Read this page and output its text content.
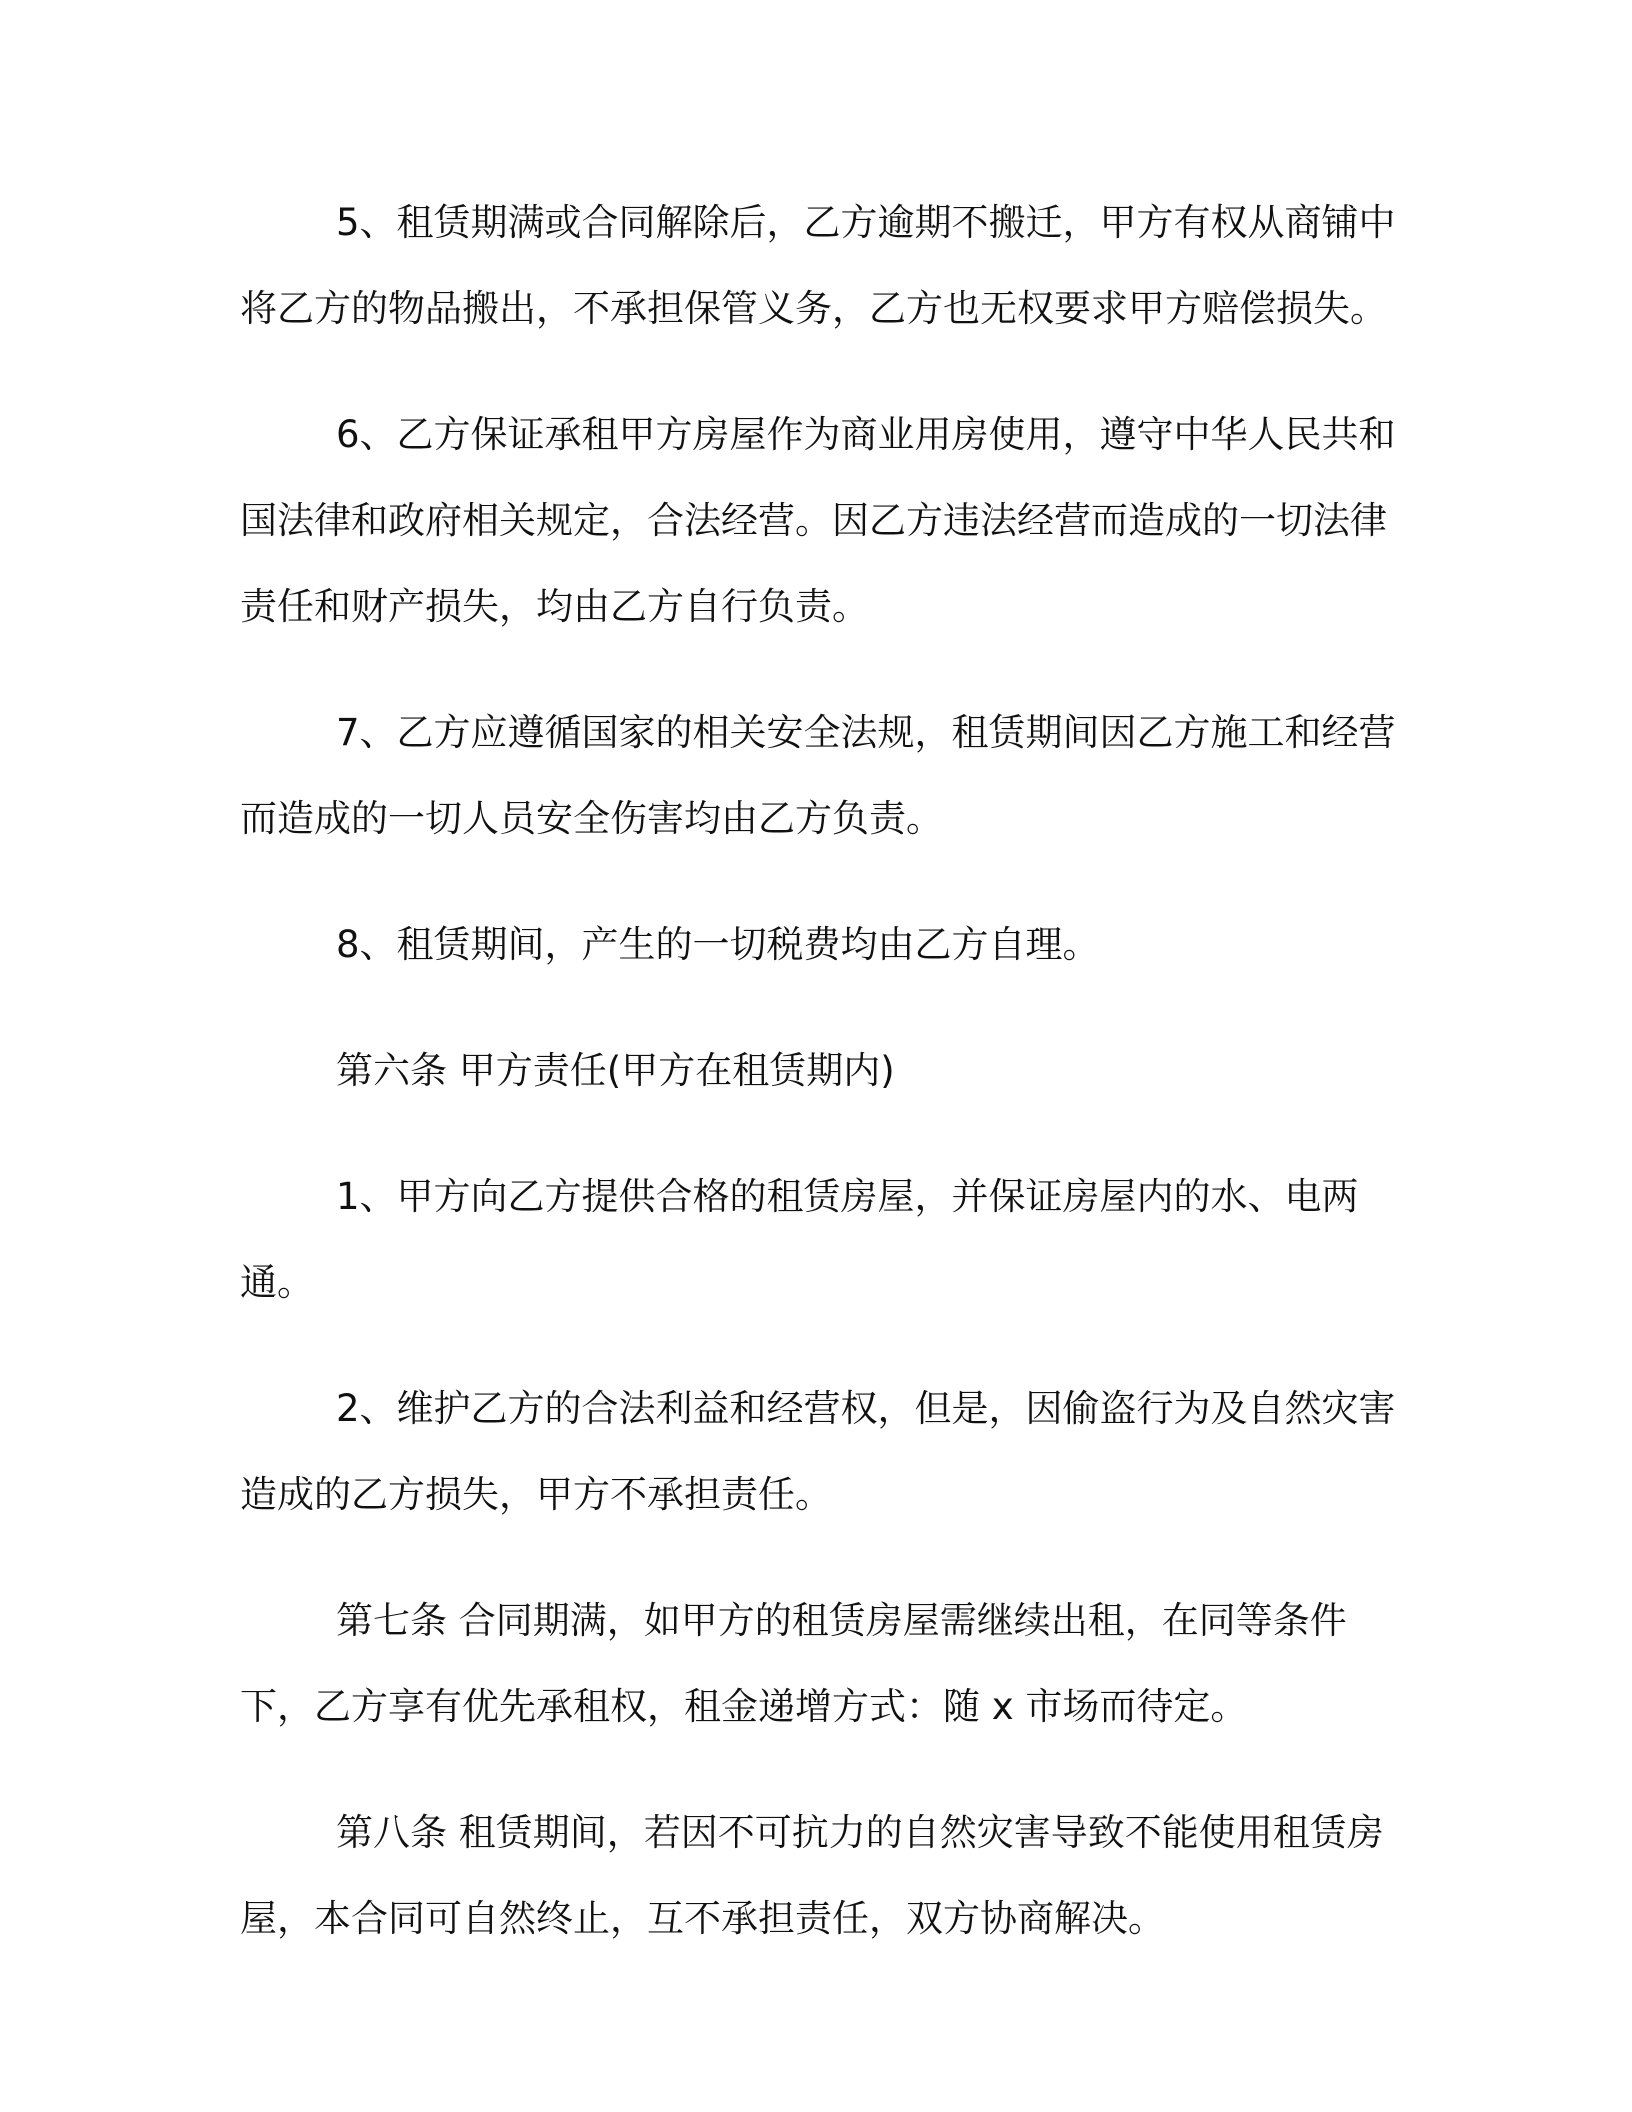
5、租赁期满或合同解除后，乙方逾期不搬迁，甲方有权从商铺中将乙方的物品搬出，不承担保管义务，乙方也无权要求甲方赔偿损失。

6、乙方保证承租甲方房屋作为商业用房使用，遵守中华人民共和国法律和政府相关规定，合法经营。因乙方违法经营而造成的一切法律责任和财产损失，均由乙方自行负责。

7、乙方应遵循国家的相关安全法规，租赁期间因乙方施工和经营而造成的一切人员安全伤害均由乙方负责。

8、租赁期间，产生的一切税费均由乙方自理。

第六条 甲方责任(甲方在租赁期内)

1、甲方向乙方提供合格的租赁房屋，并保证房屋内的水、电两通。

2、维护乙方的合法利益和经营权，但是，因偷盗行为及自然灾害造成的乙方损失，甲方不承担责任。

第七条 合同期满，如甲方的租赁房屋需继续出租，在同等条件下，乙方享有优先承租权，租金递增方式：随 x 市场而待定。

第八条 租赁期间，若因不可抗力的自然灾害导致不能使用租赁房屋，本合同可自然终止，互不承担责任，双方协商解决。
